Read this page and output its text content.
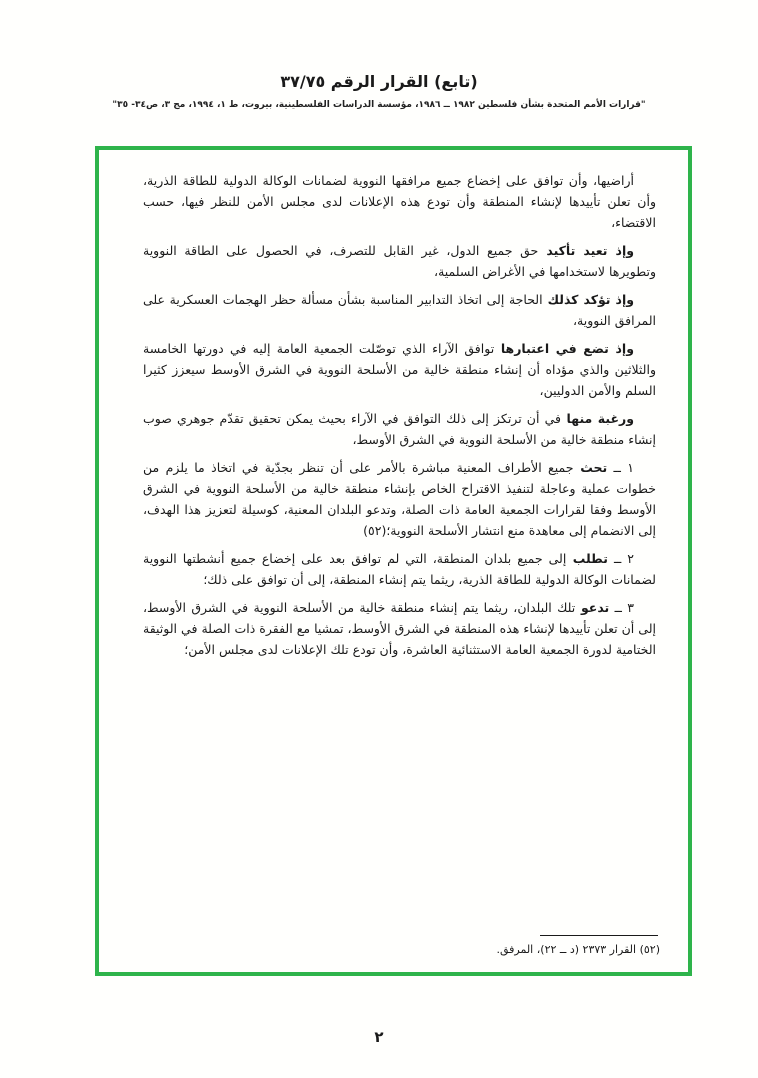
(تابع) القرار الرقم ٣٧/٧٥
"قرارات الأمم المتحدة بشأن فلسطين ١٩٨٢ ــ ١٩٨٦، مؤسسة الدراسات الفلسطينية، بيروت، ط ١، ١٩٩٤، مج ٣، ص٣٤- ٣٥"

أراضيها، وأن توافق على إخضاع جميع مرافقها النووية لضمانات الوكالة الدولية للطاقة الذرية، وأن تعلن تأييدها لإنشاء المنطقة وأن تودع هذه الإعلانات لدى مجلس الأمن للنظر فيها، حسب الاقتضاء،

وإذ تعيد تأكيد حق جميع الدول، غير القابل للتصرف، في الحصول على الطاقة النووية وتطويرها لاستخدامها في الأغراض السلمية،

وإذ تؤكد كذلك الحاجة إلى اتخاذ التدابير المناسبة بشأن مسألة حظر الهجمات العسكرية على المرافق النووية،

وإذ تضع في اعتبارها توافق الآراء الذي توصّلت الجمعية العامة إليه في دورتها الخامسة والثلاثين والذي مؤداه أن إنشاء منطقة خالية من الأسلحة النووية في الشرق الأوسط سيعزز كثيرا السلم والأمن الدوليين،

ورغبة منها في أن ترتكز إلى ذلك التوافق في الآراء بحيث يمكن تحقيق تقدّم جوهري صوب إنشاء منطقة خالية من الأسلحة النووية في الشرق الأوسط،

١ ــ تحث جميع الأطراف المعنية مباشرة بالأمر على أن تنظر بجدّية في اتخاذ ما يلزم من خطوات عملية وعاجلة لتنفيذ الاقتراح الخاص بإنشاء منطقة خالية من الأسلحة النووية في الشرق الأوسط وفقا لقرارات الجمعية العامة ذات الصلة، وتدعو البلدان المعنية، كوسيلة لتعزيز هذا الهدف، إلى الانضمام إلى معاهدة منع انتشار الأسلحة النووية؛(٥٢)

٢ ــ تطلب إلى جميع بلدان المنطقة، التي لم توافق بعد على إخضاع جميع أنشطتها النووية لضمانات الوكالة الدولية للطاقة الذرية، ريثما يتم إنشاء المنطقة، إلى أن توافق على ذلك؛

٣ ــ تدعو تلك البلدان، ريثما يتم إنشاء منطقة خالية من الأسلحة النووية في الشرق الأوسط، إلى أن تعلن تأييدها لإنشاء هذه المنطقة في الشرق الأوسط، تمشيا مع الفقرة ذات الصلة في الوثيقة الختامية لدورة الجمعية العامة الاستثنائية العاشرة، وأن تودع تلك الإعلانات لدى مجلس الأمن؛

(٥٢) القرار ٢٣٧٣ (د ــ ٢٢)، المرفق.
٢
